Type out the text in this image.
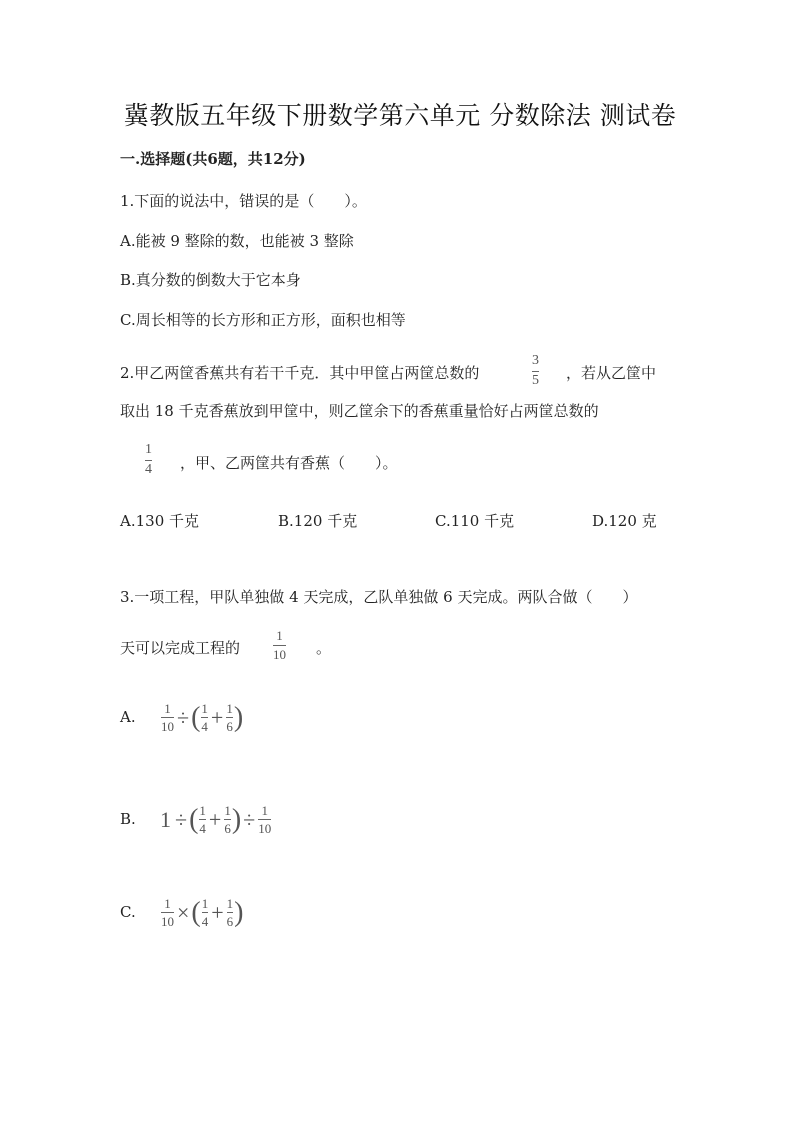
冀教版五年级下册数学第六单元 分数除法 测试卷
一.选择题(共6题，共12分)
1.下面的说法中，错误的是（　　）。
A.能被 9 整除的数，也能被 3 整除
B.真分数的倒数大于它本身
C.周长相等的长方形和正方形，面积也相等
2.甲乙两筐香蕉共有若干千克．其中甲筐占两筐总数的
3
5 ，若从乙筐中
取出 18 千克香蕉放到甲筐中，则乙筐余下的香蕉重量恰好占两筐总数的
1
4 ，甲、乙两筐共有香蕉（　　）。
A.130 千克	B.120 千克	C.110 千克	D.120 克
3.一项工程，甲队单独做 4 天完成，乙队单独做 6 天完成。两队合做（　　）
天可以完成工程的
1
10 。
A. 1
10 ÷ ( 1
4 + 1
6 )
B. 1 ÷ ( 1
4 + 1
6 ) ÷ 1
10
C. 1
10 × ( 1
4 + 1
6 )
